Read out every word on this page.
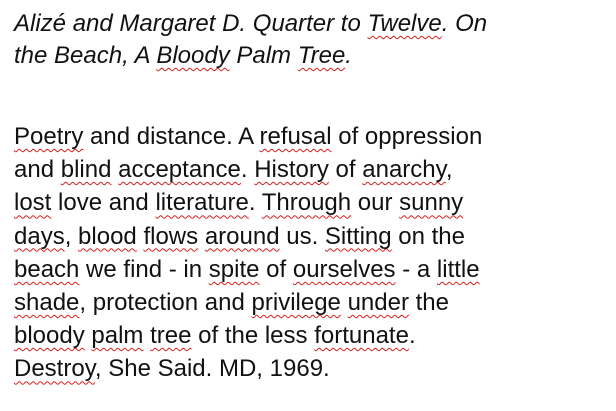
Alizé and Margaret D. Quarter to Twelve. On
the Beach, A Bloody Palm Tree.
Poetry and distance. A refusal of oppression
and blind acceptance. History of anarchy,
lost love and literature. Through our sunny
days, blood flows around us. Sitting on the
beach we find - in spite of ourselves - a little
shade, protection and privilege under the
bloody palm tree of the less fortunate.
Destroy, She Said. MD, 1969.
